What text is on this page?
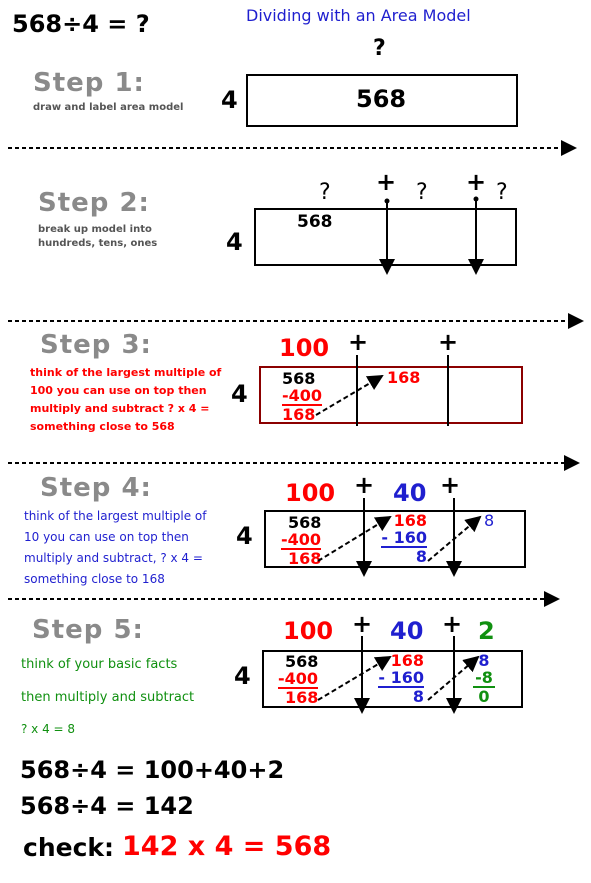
568÷4 = ?	Dividing with an Area Model
?
Step 1:
draw and label area model	4	568
Step 2:
break up model into hundreds, tens, ones	4
568
?	?	?
+	+
Step 3:
think of the largest multiple of 100 you can use on top then multiply and subtract ? x 4 = something close to 568
4
100 +	+
568
-400
168
168
Step 4:
think of the largest multiple of 10 you can use on top then multiply and subtract, ? x 4 = something close to 168
4
100 + 40 +
568
-400
168
168
- 160
8
8
Step 5:
think of your basic facts
then multiply and subtract
? x 4 = 8
4
100 + 40 + 2
568
-400
168
168
- 160
8
8
-8
0
568÷4 = 100+40+2
568÷4 = 142
check: 142 x 4 = 568
